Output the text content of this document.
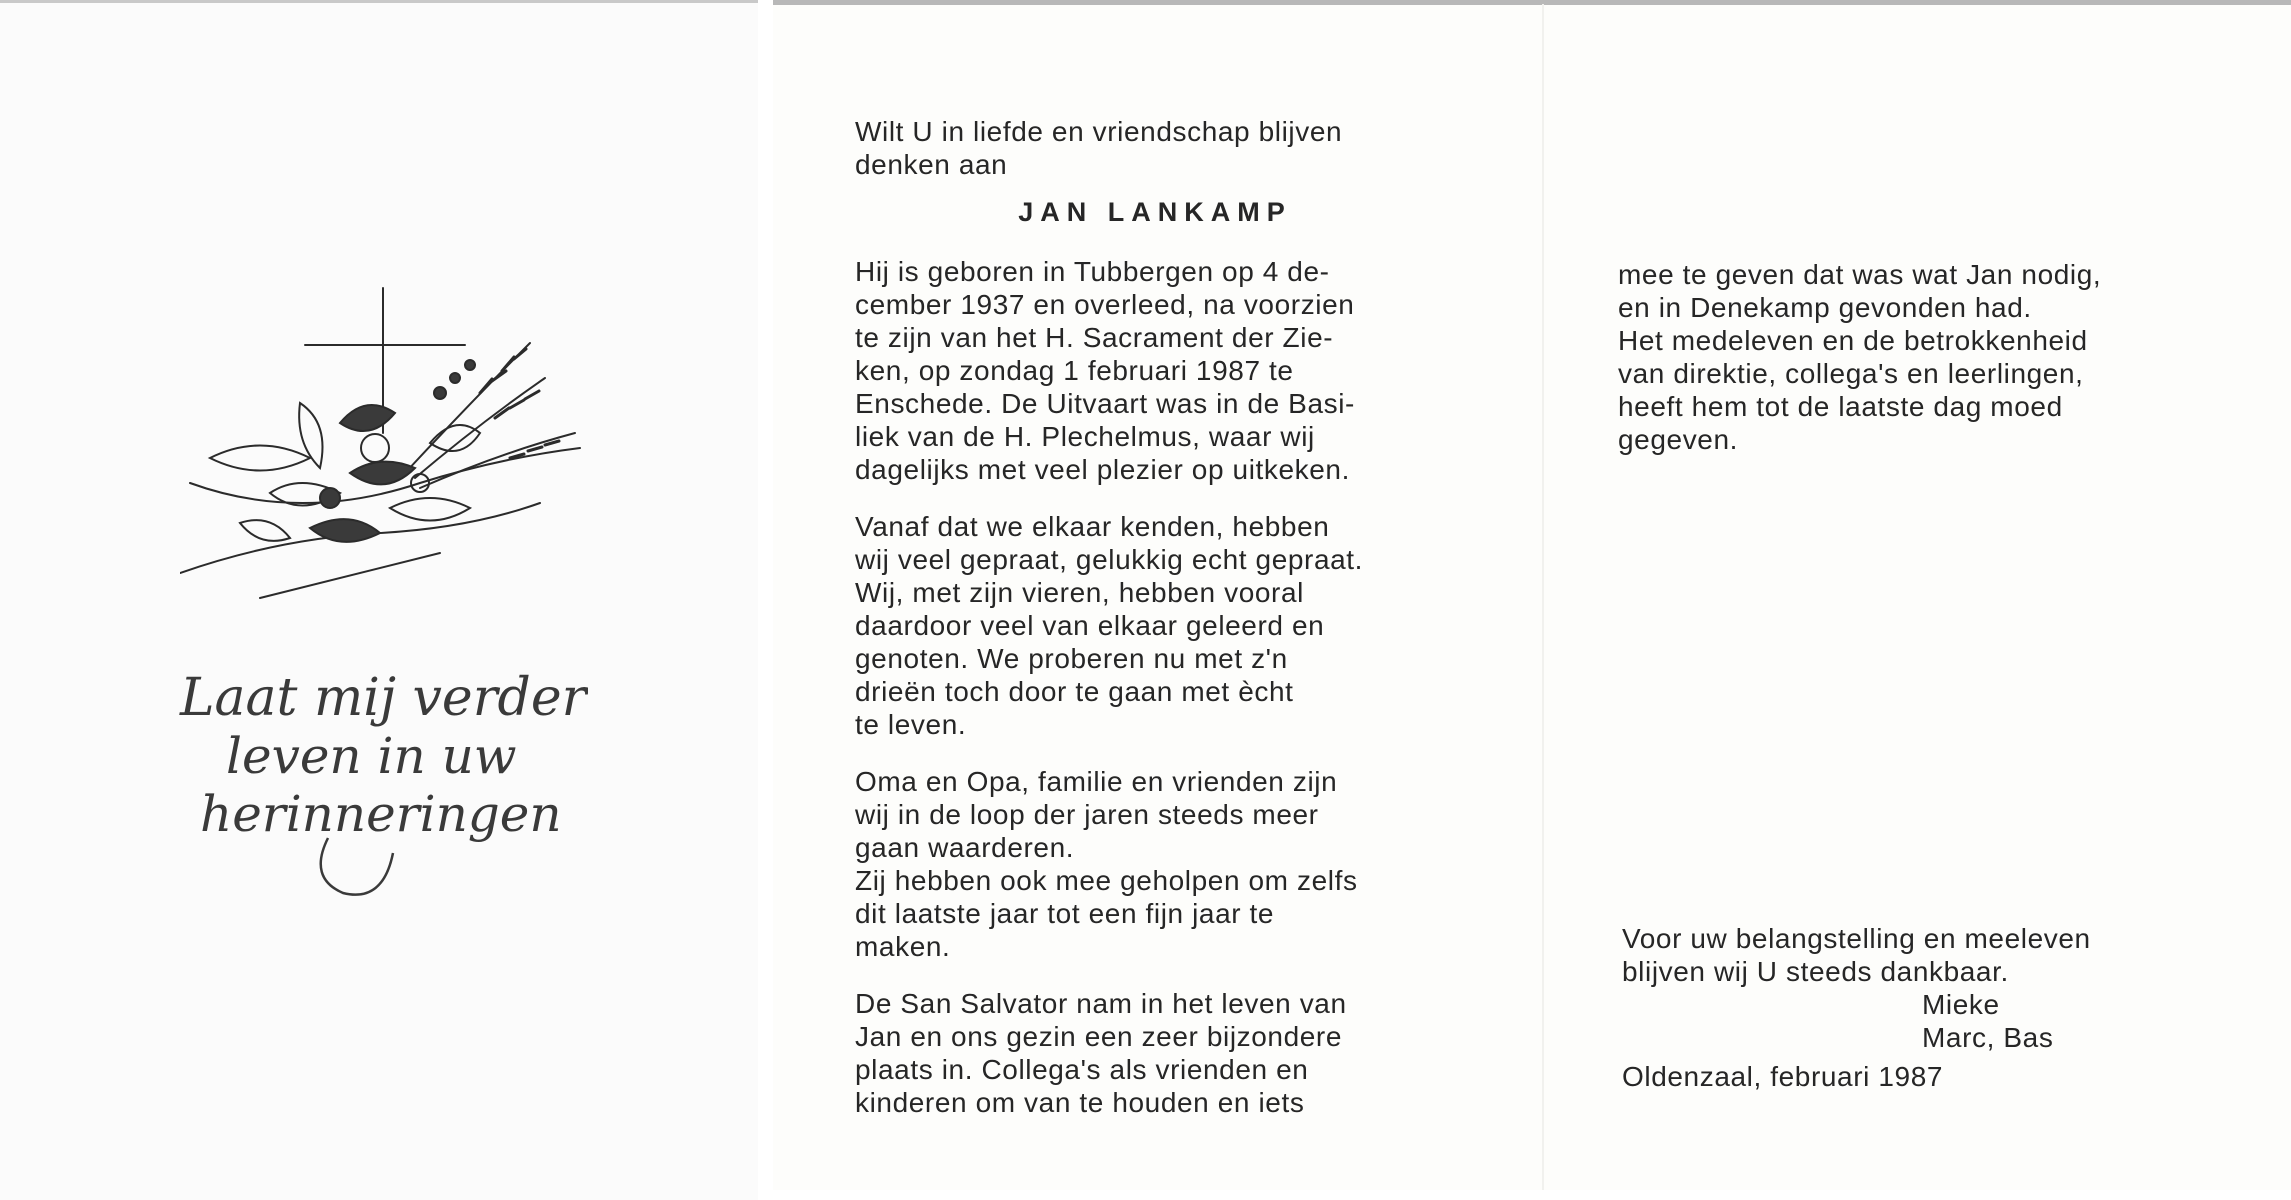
Laat mij verder
leven in uw
herinneringen

Wilt U in liefde en vriendschap blijven
denken aan

JAN LANKAMP

Hij is geboren in Tubbergen op 4 de-
cember 1937 en overleed, na voorzien
te zijn van het H. Sacrament der Zie-
ken, op zondag 1 februari 1987 te
Enschede. De Uitvaart was in de Basi-
liek van de H. Plechelmus, waar wij
dagelijks met veel plezier op uitkeken.

Vanaf dat we elkaar kenden, hebben
wij veel gepraat, gelukkig echt gepraat.
Wij, met zijn vieren, hebben vooral
daardoor veel van elkaar geleerd en
genoten. We proberen nu met z'n
drieën toch door te gaan met ècht
te leven.

Oma en Opa, familie en vrienden zijn
wij in de loop der jaren steeds meer
gaan waarderen.
Zij hebben ook mee geholpen om zelfs
dit laatste jaar tot een fijn jaar te
maken.

De San Salvator nam in het leven van
Jan en ons gezin een zeer bijzondere
plaats in. Collega's als vrienden en
kinderen om van te houden en iets

mee te geven dat was wat Jan nodig,
en in Denekamp gevonden had.
Het medeleven en de betrokkenheid
van direktie, collega's en leerlingen,
heeft hem tot de laatste dag moed
gegeven.

Voor uw belangstelling en meeleven
blijven wij U steeds dankbaar.
Mieke
Marc, Bas
Oldenzaal, februari 1987
